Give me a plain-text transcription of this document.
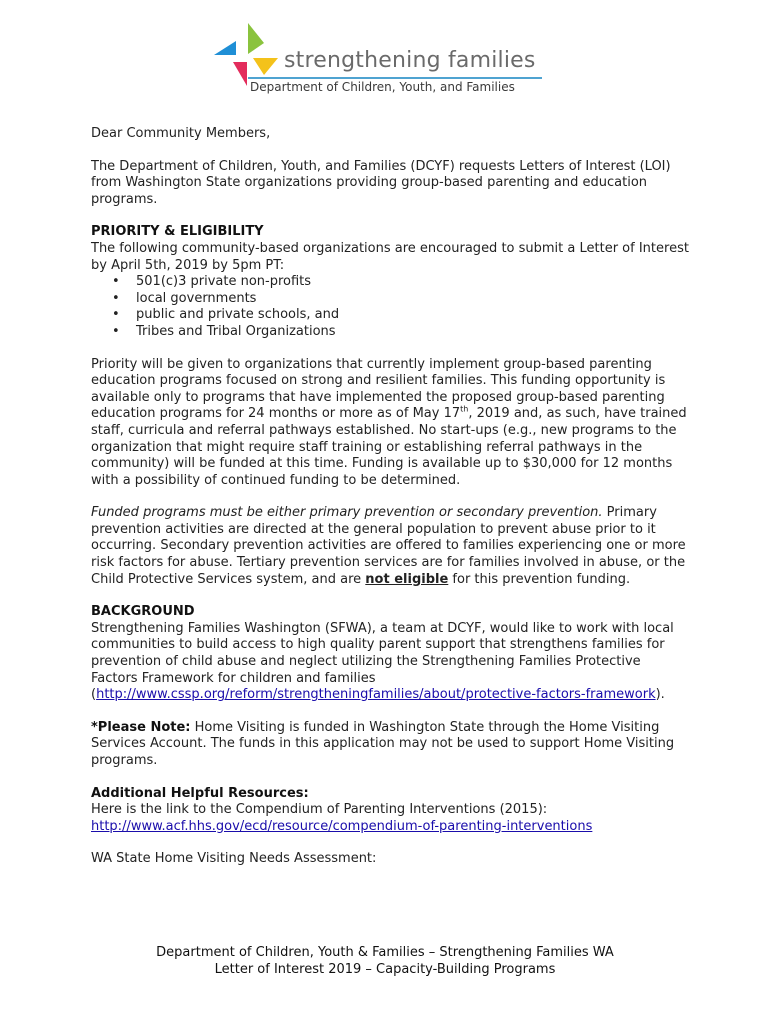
strengthening families
Department of Children, Youth, and Families

Dear Community Members,

The Department of Children, Youth, and Families (DCYF) requests Letters of Interest (LOI) from Washington State organizations providing group-based parenting and education programs.

PRIORITY & ELIGIBILITY

The following community-based organizations are encouraged to submit a Letter of Interest by April 5th, 2019 by 5pm PT:

• 501(c)3 private non-profits
• local governments
• public and private schools, and
• Tribes and Tribal Organizations

Priority will be given to organizations that currently implement group-based parenting education programs focused on strong and resilient families. This funding opportunity is available only to programs that have implemented the proposed group-based parenting education programs for 24 months or more as of May 17th, 2019 and, as such, have trained staff, curricula and referral pathways established. No start-ups (e.g., new programs to the organization that might require staff training or establishing referral pathways in the community) will be funded at this time. Funding is available up to $30,000 for 12 months with a possibility of continued funding to be determined.

Funded programs must be either primary prevention or secondary prevention. Primary prevention activities are directed at the general population to prevent abuse prior to it occurring. Secondary prevention activities are offered to families experiencing one or more risk factors for abuse. Tertiary prevention services are for families involved in abuse, or the Child Protective Services system, and are not eligible for this prevention funding.

BACKGROUND

Strengthening Families Washington (SFWA), a team at DCYF, would like to work with local communities to build access to high quality parent support that strengthens families for prevention of child abuse and neglect utilizing the Strengthening Families Protective Factors Framework for children and families (http://www.cssp.org/reform/strengtheningfamilies/about/protective-factors-framework).

*Please Note: Home Visiting is funded in Washington State through the Home Visiting Services Account. The funds in this application may not be used to support Home Visiting programs.

Additional Helpful Resources:

Here is the link to the Compendium of Parenting Interventions (2015):

http://www.acf.hhs.gov/ecd/resource/compendium-of-parenting-interventions

WA State Home Visiting Needs Assessment:

Department of Children, Youth & Families – Strengthening Families WA
Letter of Interest 2019 – Capacity-Building Programs
